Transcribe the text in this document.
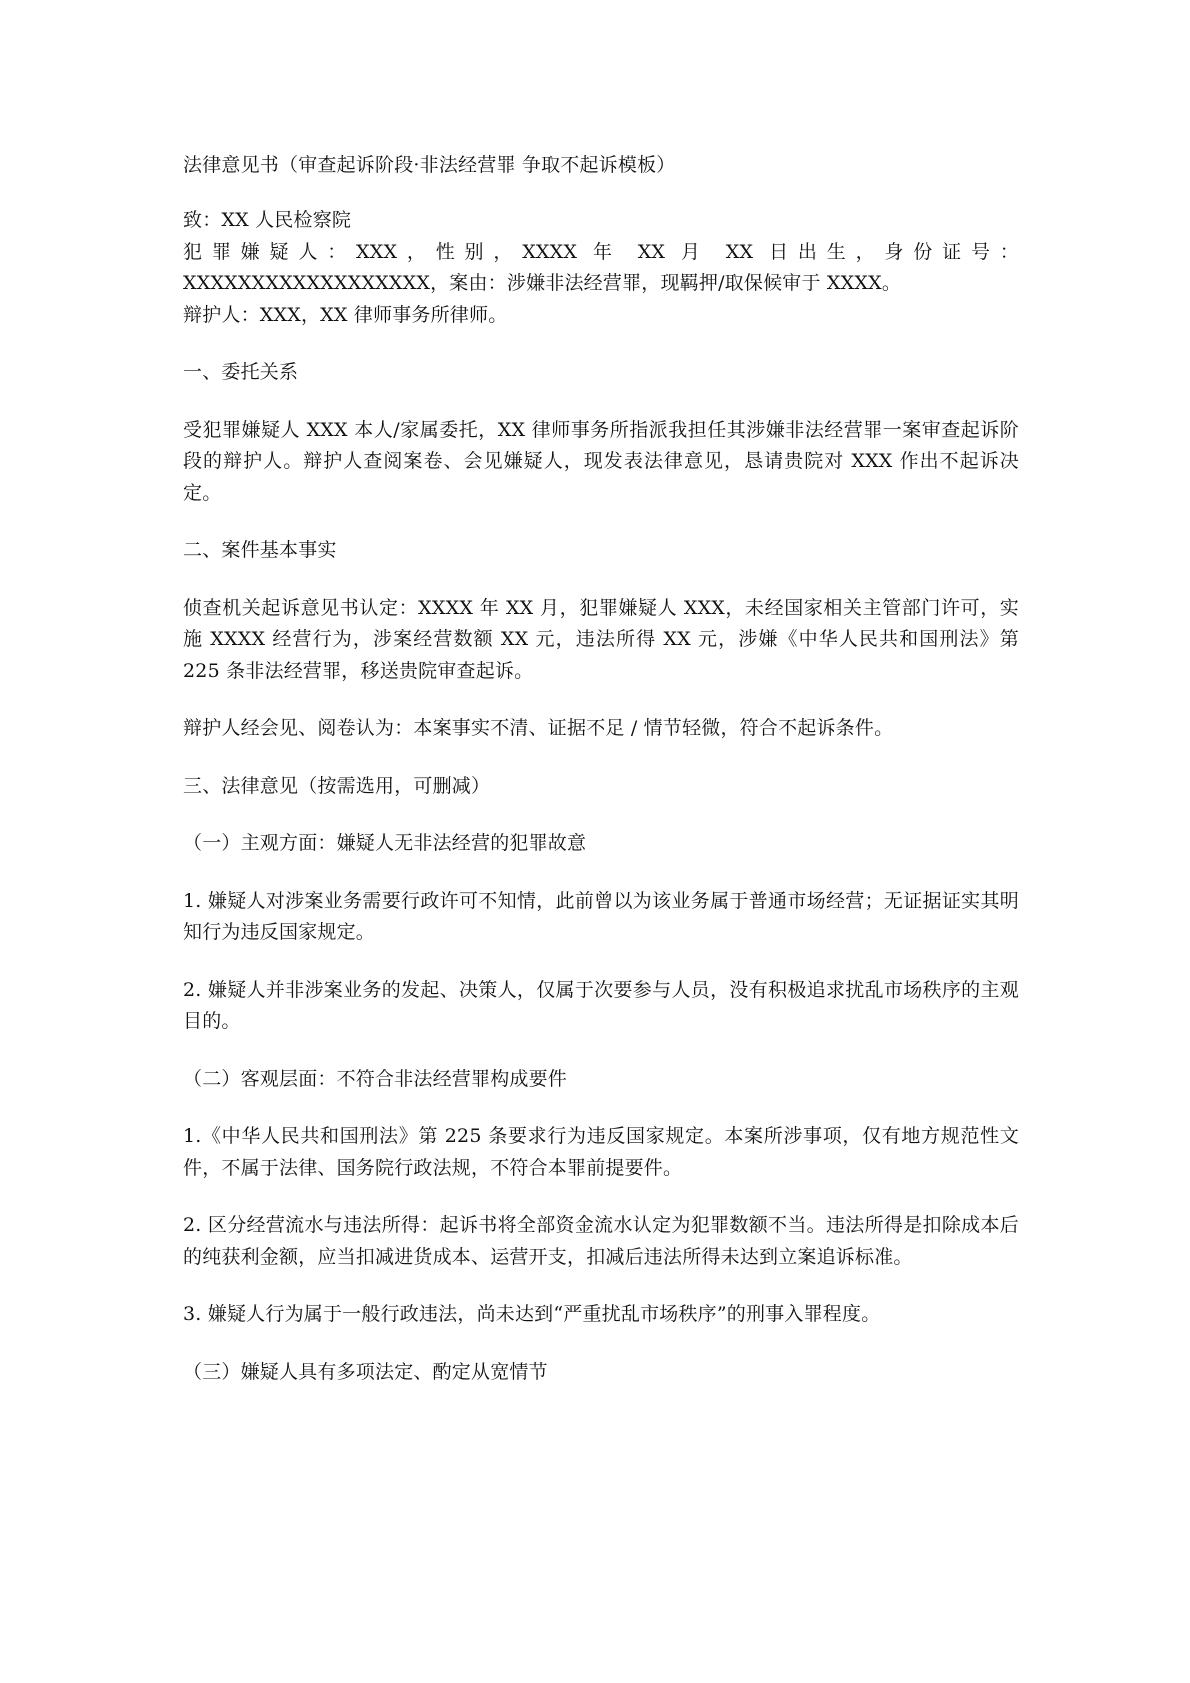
法律意见书（审查起诉阶段·非法经营罪 争取不起诉模板）

致：XX 人民检察院

犯罪嫌疑人：XXX，性别，XXXX 年 XX 月 XX 日出生，身份证号：XXXXXXXXXXXXXXXXXX，案由：涉嫌非法经营罪，现羁押/取保候审于 XXXX。

辩护人：XXX，XX 律师事务所律师。

一、委托关系

受犯罪嫌疑人 XXX 本人/家属委托，XX 律师事务所指派我担任其涉嫌非法经营罪一案审查起诉阶段的辩护人。辩护人查阅案卷、会见嫌疑人，现发表法律意见，恳请贵院对 XXX 作出不起诉决定。

二、案件基本事实

侦查机关起诉意见书认定：XXXX 年 XX 月，犯罪嫌疑人 XXX，未经国家相关主管部门许可，实施 XXXX 经营行为，涉案经营数额 XX 元，违法所得 XX 元，涉嫌《中华人民共和国刑法》第 225 条非法经营罪，移送贵院审查起诉。

辩护人经会见、阅卷认为：本案事实不清、证据不足 / 情节轻微，符合不起诉条件。

三、法律意见（按需选用，可删减）

（一）主观方面：嫌疑人无非法经营的犯罪故意

1. 嫌疑人对涉案业务需要行政许可不知情，此前曾以为该业务属于普通市场经营；无证据证实其明知行为违反国家规定。

2. 嫌疑人并非涉案业务的发起、决策人，仅属于次要参与人员，没有积极追求扰乱市场秩序的主观目的。

（二）客观层面：不符合非法经营罪构成要件

1.《中华人民共和国刑法》第 225 条要求行为违反国家规定。本案所涉事项，仅有地方规范性文件，不属于法律、国务院行政法规，不符合本罪前提要件。

2. 区分经营流水与违法所得：起诉书将全部资金流水认定为犯罪数额不当。违法所得是扣除成本后的纯获利金额，应当扣减进货成本、运营开支，扣减后违法所得未达到立案追诉标准。

3. 嫌疑人行为属于一般行政违法，尚未达到“严重扰乱市场秩序”的刑事入罪程度。

（三）嫌疑人具有多项法定、酌定从宽情节
